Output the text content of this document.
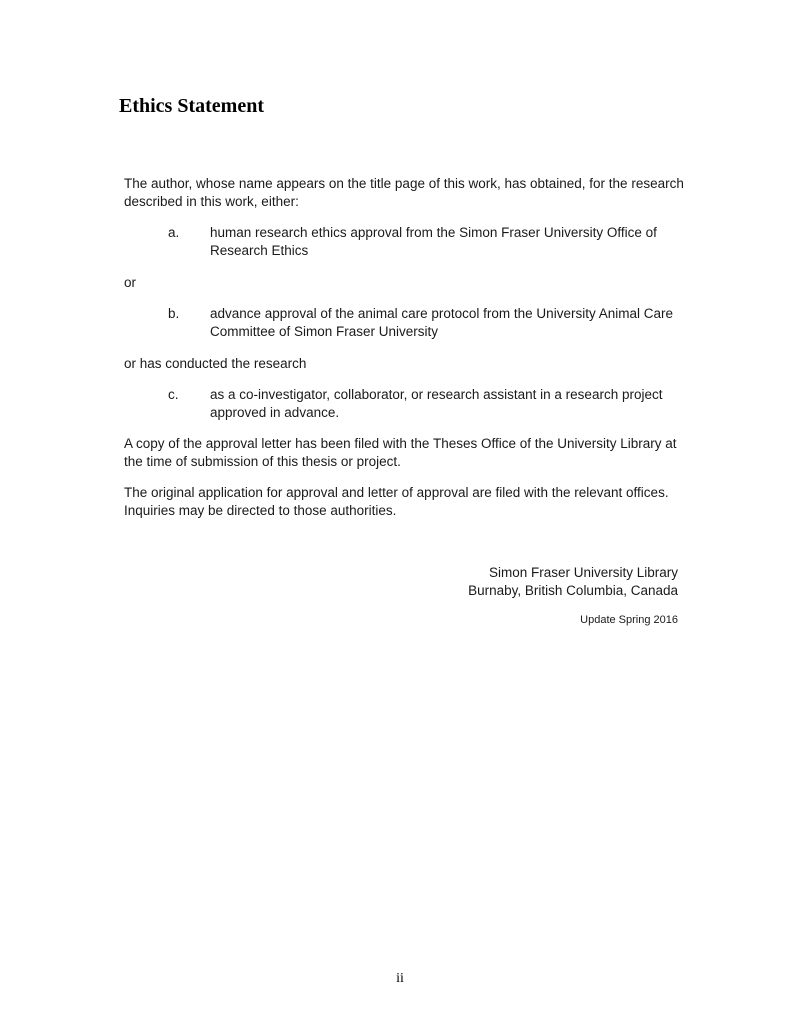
Ethics Statement

The author, whose name appears on the title page of this work, has obtained, for the research described in this work, either:

a. human research ethics approval from the Simon Fraser University Office of Research Ethics

or

b. advance approval of the animal care protocol from the University Animal Care Committee of Simon Fraser University

or has conducted the research

c. as a co-investigator, collaborator, or research assistant in a research project approved in advance.

A copy of the approval letter has been filed with the Theses Office of the University Library at the time of submission of this thesis or project.

The original application for approval and letter of approval are filed with the relevant offices. Inquiries may be directed to those authorities.

Simon Fraser University Library
Burnaby, British Columbia, Canada
Update Spring 2016
ii
